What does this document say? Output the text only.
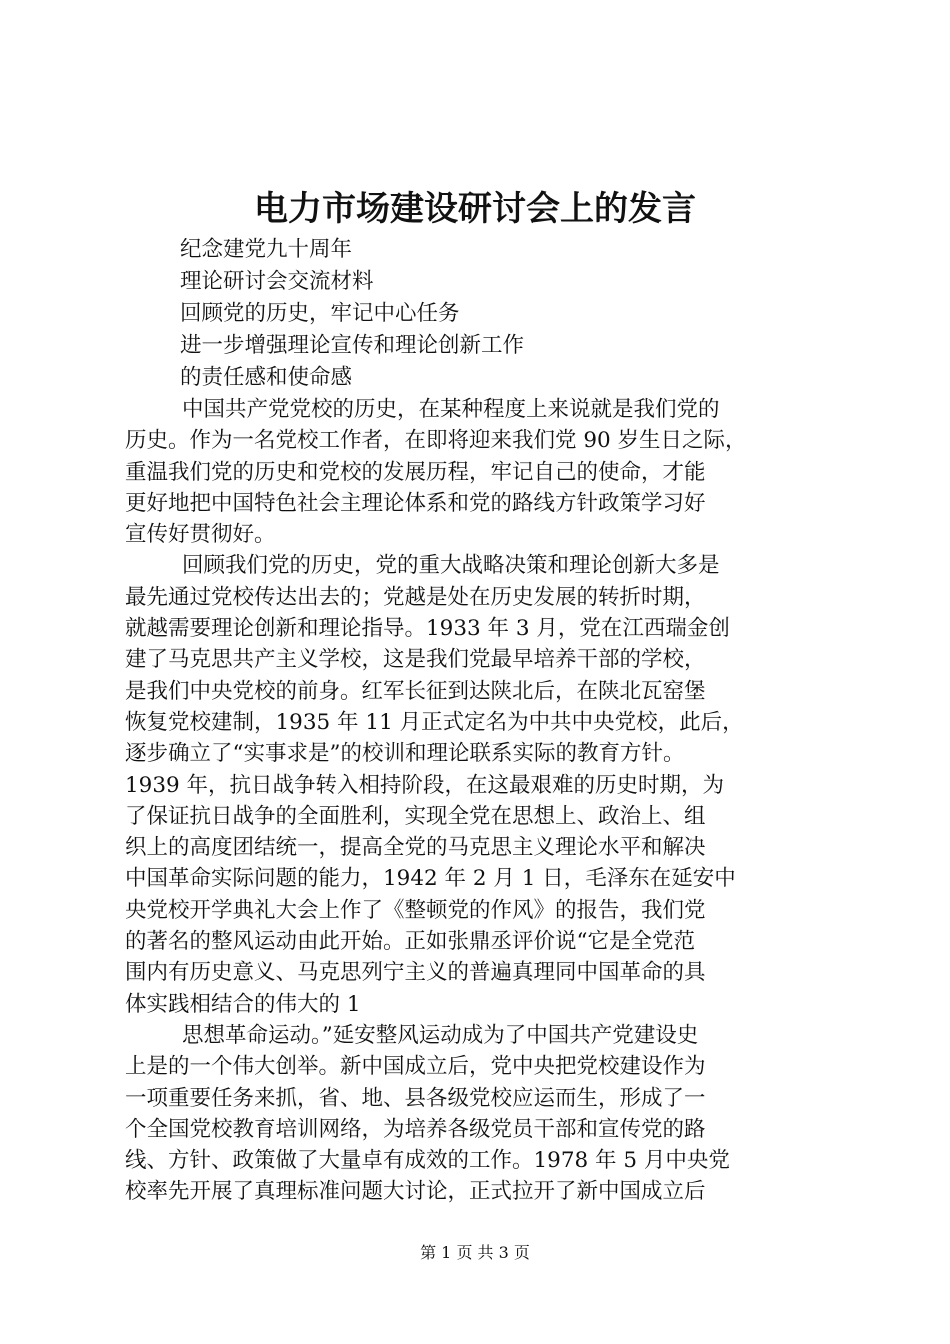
电力市场建设研讨会上的发言
纪念建党九十周年
理论研讨会交流材料
回顾党的历史，牢记中心任务
进一步增强理论宣传和理论创新工作
的责任感和使命感
中国共产党党校的历史，在某种程度上来说就是我们党的
历史。作为一名党校工作者，在即将迎来我们党 90 岁生日之际，
重温我们党的历史和党校的发展历程，牢记自己的使命，才能
更好地把中国特色社会主理论体系和党的路线方针政策学习好
宣传好贯彻好。
回顾我们党的历史，党的重大战略决策和理论创新大多是
最先通过党校传达出去的；党越是处在历史发展的转折时期，
就越需要理论创新和理论指导。1933 年 3 月，党在江西瑞金创
建了马克思共产主义学校，这是我们党最早培养干部的学校，
是我们中央党校的前身。红军长征到达陕北后，在陕北瓦窑堡
恢复党校建制，1935 年 11 月正式定名为中共中央党校，此后，
逐步确立了“实事求是”的校训和理论联系实际的教育方针。
1939 年，抗日战争转入相持阶段，在这最艰难的历史时期，为
了保证抗日战争的全面胜利，实现全党在思想上、政治上、组
织上的高度团结统一，提高全党的马克思主义理论水平和解决
中国革命实际问题的能力，1942 年 2 月 1 日，毛泽东在延安中
央党校开学典礼大会上作了《整顿党的作风》的报告，我们党
的著名的整风运动由此开始。正如张鼎丞评价说“它是全党范
围内有历史意义、马克思列宁主义的普遍真理同中国革命的具
体实践相结合的伟大的 1
思想革命运动。”延安整风运动成为了中国共产党建设史
上是的一个伟大创举。新中国成立后，党中央把党校建设作为
一项重要任务来抓，省、地、县各级党校应运而生，形成了一
个全国党校教育培训网络，为培养各级党员干部和宣传党的路
线、方针、政策做了大量卓有成效的工作。1978 年 5 月中央党
校率先开展了真理标准问题大讨论，正式拉开了新中国成立后
第 1 页 共 3 页
